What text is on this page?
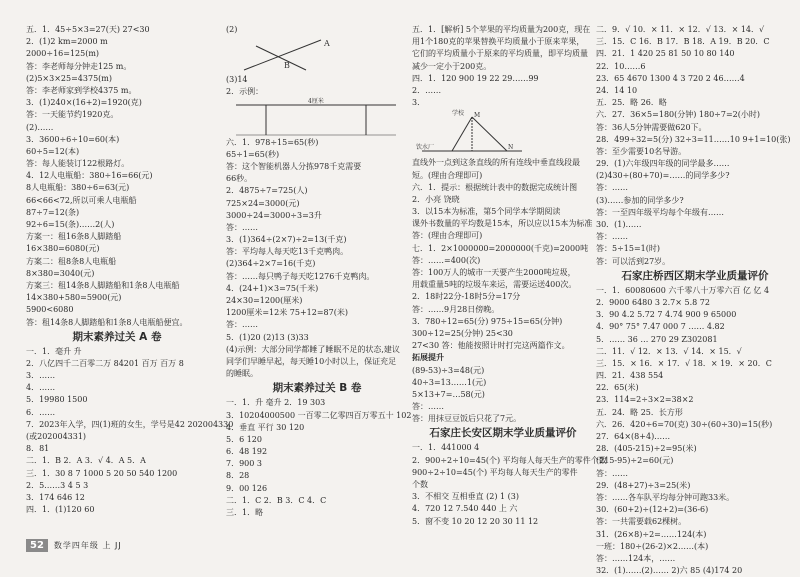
五．1．45÷5×3=27(天) 27<30
2．(1)2 km=2000 m
2000÷16=125(m)
答：李老师每分钟走125 m。
(2)5×3×25=4375(m)
答：李老师家到学校4375 m。
3．(1)240×(16+2)=1920(克)
答：一天能节约1920克。
(2)……
3．3600÷6÷10=60(本)
60÷5=12(本)
答：每人能装订122根路灯。
4．12人电瓶船：380÷16=66(元)
8人电瓶船：380÷6=63(元)
66<66<72,所以可乘人电瓶船
87÷7=12(条)
92÷6=15(条)……2(人)
方案一：租16条8人脚踏船
16×380=6080(元)
方案二：租8条8人电瓶船
8×380=3040(元)
方案三：租14条8人脚踏船和1条8人电瓶船
14×380+580=5900(元)
5900<6080
答：租14条8人脚踏船和1条8人电瓶船便宜。
期末素养过关 A 卷
一．1．毫升 升
2．八亿四千二百零二万 84201 百万 百万 8
3．……
4．……
5．19980 1500
6．……
7．2023年入学，四(1)班的女生，学号是42 202004330
(或202004331)
8．81
二．1．B 2．A 3．√ 4．A 5．A
三．1．30 8 7 1000 5 20 50 540 1200
2．5……3 4 5 3
3．174 646 12
四．1．(1)120 60
(2)
A
B
(3)14
2．示例：
4厘米
六．1．978÷15=65(秒)
65÷1=65(秒)
答：这个智能机器人分拣978千克需要
66秒。
2．4875÷7=725(人)
725×24=3000(元)
3000÷24=3000÷3=3升
答：……
3．(1)364÷(2×7)÷2=13(千克)
答：平均每人每天吃13千克鸭肉。
(2)364÷2×7=16(千克)
答：……每只鸭子每天吃1276千克鸭肉。
4．(24+1)×3=75(千米)
24×30=1200(厘米)
1200厘米=12米 75+12=87(米)
答：……
5．(1)20 (2)13 (3)33
(4)示例：大部分同学都睡了睡眠不足的状态,建议
同学们早睡早起，每天睡10小时以上，保证充足
的睡眠。
期末素养过关 B 卷
一．1．升 毫升 2．19 303
3．10204000500 一百零二亿零四百万零五十 102
4．垂直 平行 30 120
5．6 120
6．48 192
7．900 3
8．28
9．00 126
二．1．C 2．B 3．C 4．C
三．1．略
五．1．[解析] 5个苹果的平均质量为200克，现在
用1个180克的苹果替换平均质量小于原来苹果，
它们的平均质量小于原来的平均质量，即平均质量
减少一定小于200克。
四．1．120 900 19 22 29……99
2．……
3．
学校 M
N
饮水厂
直线外一点到这条直线的所有连线中垂直线段最
短。(理由合理即可)
六．1．提示：根据统计表中的数据完成统计图
2．小亮 饶晓
3．以15本为标准，第5个同学本学期阅读
课外书数量的平均数是15本，所以应以15本为标准
答：(理由合理即可)
七．1．2×1000000=2000000(千克)=2000吨
答：……=400(次)
答：100万人的城市一天要产生2000吨垃圾，
用载重量5吨的垃圾车来运，需要运送400次。
2．18时22分-18时5分=17分
答：……9月28日傍晚。
3．780÷12=65(分) 975÷15=65(分钟)
300÷12=25(分钟) 25<30
27<30 答：他能按照计时打完这两篇作文。
拓展提升
(89-53)÷3=48(元)
40÷3=13……1(元)
5×13+7=…58(元)
答：……
答：用抹豆豆饭后只花了7元。
石家庄长安区期末学业质量评价
一．1．441000 4
2．900÷2÷10=45(个) 平均每人每天生产的零件个数
900÷2÷10=45(个) 平均每人每天生产的零件
个数
3．不相交 互相垂直 (2) 1 (3)
4．720 12 7.540 440 上 六
5．窗不变 10 20 12 20 30 11 12
二．9．√ 10．× 11．× 12．√ 13．× 14．√
三．15．C 16．B 17．B 18．A 19．B 20．C
四．21．1 420 25 81 50 10 80 140
22．10……6
23．65 4670 1300 4 3 720 2 46……4
24．14 10
五．25．略 26．略
六．27．36×5=180(分钟) 180÷7=2(小时)
答：36人5分钟需要做620下。
28．499÷32=5(分) 32÷3=11……10 9+1=10(张)
答：至少需要10名导游。
29．(1)六年级四年级的同学最多……
(2)430÷(80+70)=……的同学多少?
答：……
(3)……参加的同学多少?
答：一至四年级平均每个年级有……
30．(1)……
答：……
答：5÷15=1(时)
答：可以活到27岁。
石家庄桥西区期末学业质量评价
一．1．60080600 六千零八十万零六百 亿 亿 4
2．9000 6480 3 2.7× 5.8 72
3．90 4.2 5.72 7 4.74 900 9 65000
4．90° 75° 7.47 000 7 …… 4.82
5．…… 36 … 270 29 Z302081
二．11．√ 12．× 13．√ 14．× 15．√
三．15．× 16．× 17．√ 18．× 19．× 20．C
四．21．438 554
22．65(米)
23．114=2÷3×2=38×2
五．24．略 25．长方形
六．26．420÷6=70(克) 30÷(60÷30)=15(秒)
27．64×(8+4)……
28．(405-215)÷2=95(米)
(215-95)÷2=60(元)
答：……
29．(48+27)÷3=25(米)
答：……各车队平均每分钟可跑33米。
30．(60+2)÷(12+2)=(36-6)
答：一共需要载62棵树。
31．(26×8)÷2=……124(本)
一班：180÷(26-2)×2……(本)
答：……124本，……
32．(1)……(2)…… 2)六 85 (4)174 20
52	数学四年级 上 JJ
